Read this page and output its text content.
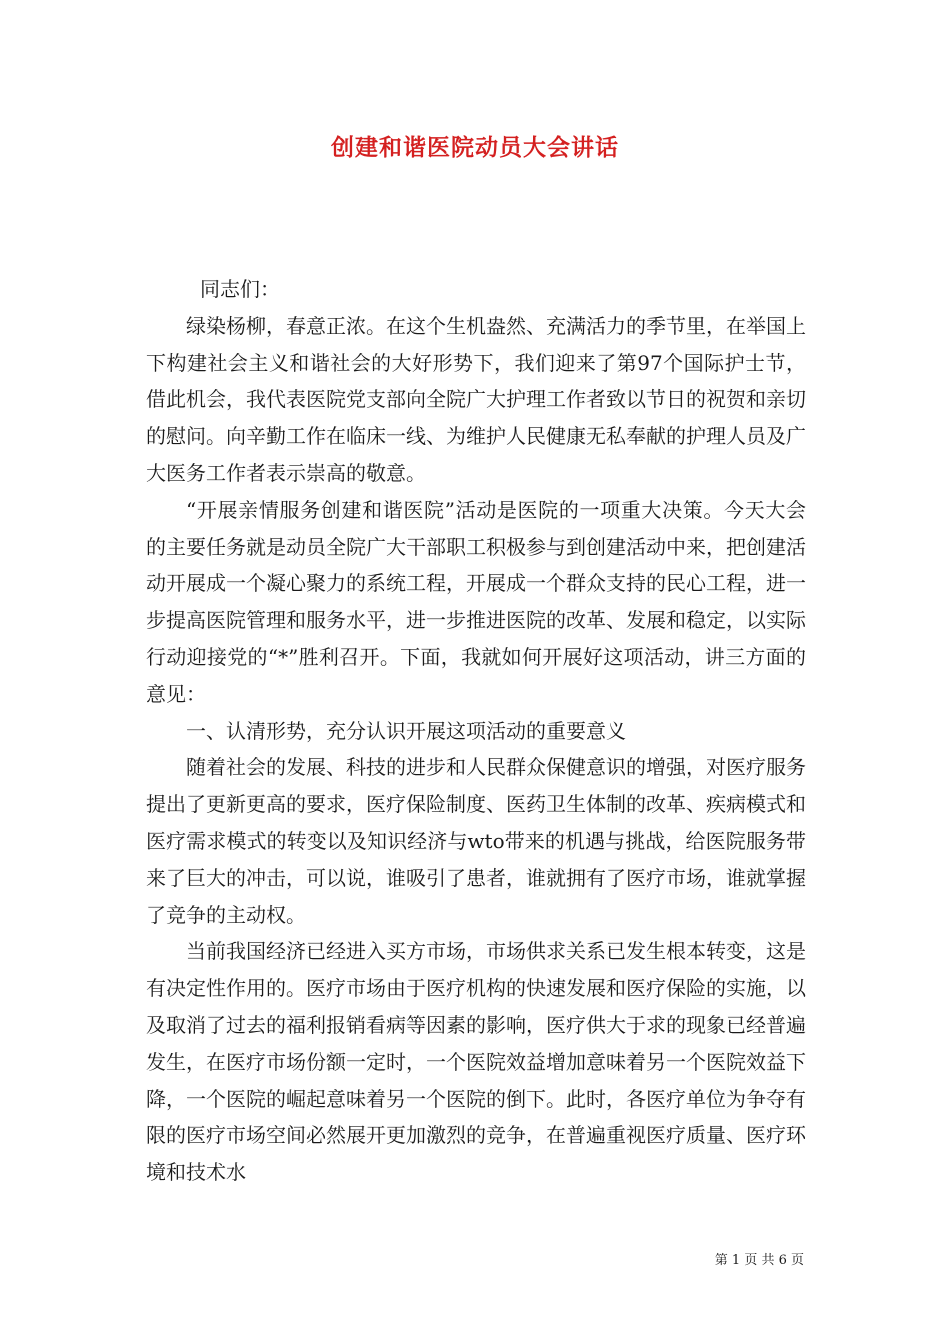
创建和谐医院动员大会讲话

同志们：

绿染杨柳，春意正浓。在这个生机盎然、充满活力的季节里，在举国上下构建社会主义和谐社会的大好形势下，我们迎来了第97个国际护士节，借此机会，我代表医院党支部向全院广大护理工作者致以节日的祝贺和亲切的慰问。向辛勤工作在临床一线、为维护人民健康无私奉献的护理人员及广大医务工作者表示崇高的敬意。

“开展亲情服务创建和谐医院”活动是医院的一项重大决策。今天大会的主要任务就是动员全院广大干部职工积极参与到创建活动中来，把创建活动开展成一个凝心聚力的系统工程，开展成一个群众支持的民心工程，进一步提高医院管理和服务水平，进一步推进医院的改革、发展和稳定，以实际行动迎接党的“*”胜利召开。下面，我就如何开展好这项活动，讲三方面的意见：

一、认清形势，充分认识开展这项活动的重要意义

随着社会的发展、科技的进步和人民群众保健意识的增强，对医疗服务提出了更新更高的要求，医疗保险制度、医药卫生体制的改革、疾病模式和医疗需求模式的转变以及知识经济与wto带来的机遇与挑战，给医院服务带来了巨大的冲击，可以说，谁吸引了患者，谁就拥有了医疗市场，谁就掌握了竞争的主动权。

当前我国经济已经进入买方市场，市场供求关系已发生根本转变，这是有决定性作用的。医疗市场由于医疗机构的快速发展和医疗保险的实施，以及取消了过去的福利报销看病等因素的影响，医疗供大于求的现象已经普遍发生，在医疗市场份额一定时，一个医院效益增加意味着另一个医院效益下降，一个医院的崛起意味着另一个医院的倒下。此时，各医疗单位为争夺有限的医疗市场空间必然展开更加激烈的竞争，在普遍重视医疗质量、医疗环境和技术水

第 1 页 共 6 页
